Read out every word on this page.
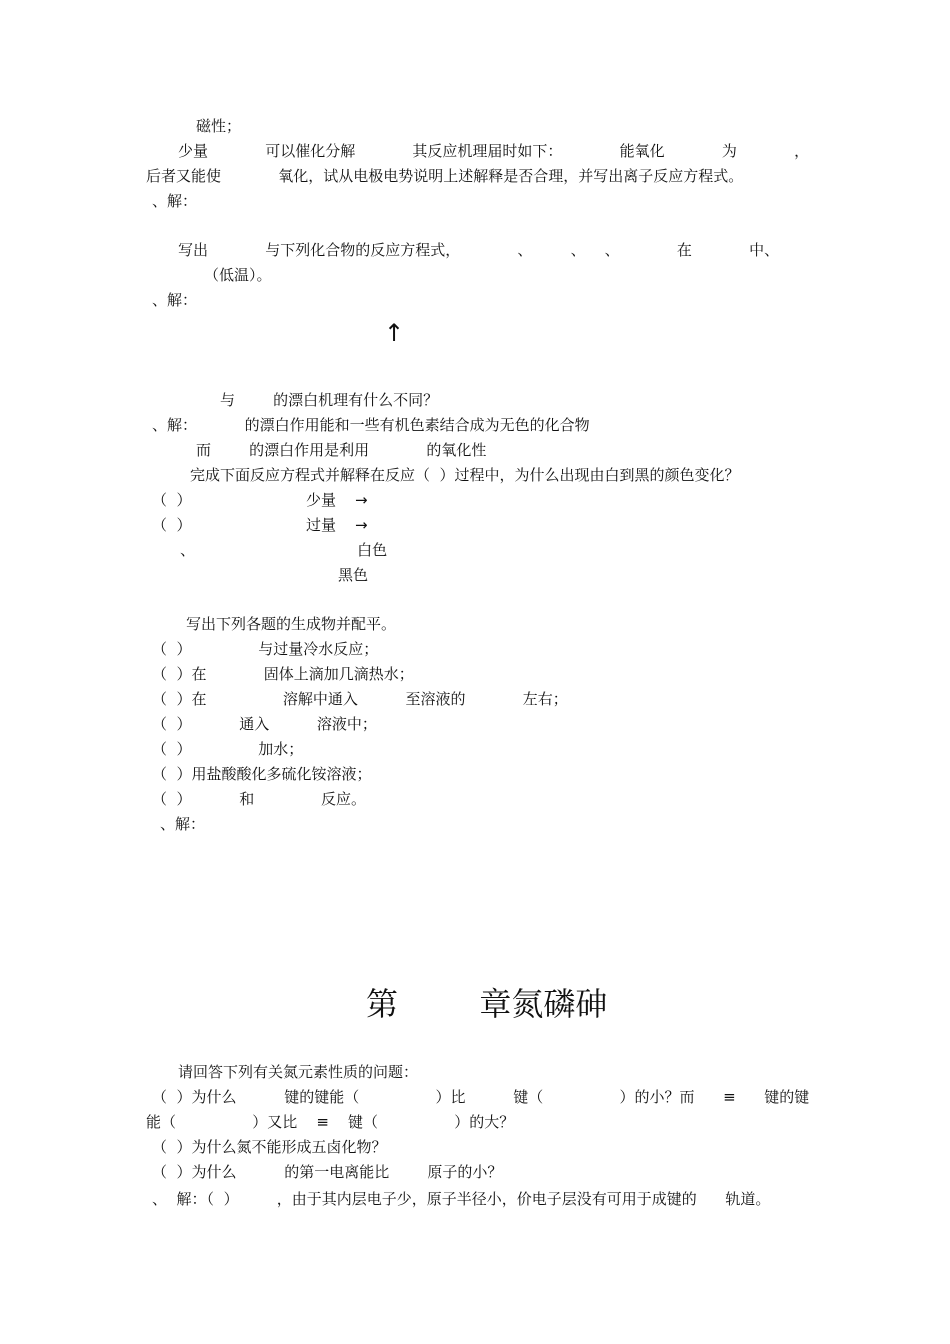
磁性；
少量            可以催化分解            其反应机理届时如下：            能氧化            为            ，
后者又能使            氧化，试从电极电势说明上述解释是否合理，并写出离子反应方程式。
、解：
写出            与下列化合物的反应方程式，            、        、    、            在            中、
（低温）。
、解：
↑
与        的漂白机理有什么不同？
、解：          的漂白作用能和一些有机色素结合成为无色的化合物
而        的漂白作用是利用            的氧化性
完成下面反应方程式并解释在反应（  ）过程中，为什么出现由白到黑的颜色变化？
（  ）                        少量    →
（  ）                        过量    →
、                                  白色
黑色
写出下列各题的生成物并配平。
（  ）              与过量冷水反应；
（  ）在            固体上滴加几滴热水；
（  ）在                溶解中通入          至溶液的            左右；
（  ）          通入          溶液中；
（  ）              加水；
（  ）用盐酸酸化多硫化铵溶液；
（  ）          和              反应。
、解：
第        章氮磷砷
请回答下列有关氮元素性质的问题：
（  ）为什么          键的键能（                ）比          键（                ）的小？而      ≡      键的键
能（                ）又比    ≡    键（                ）的大？
（  ）为什么氮不能形成五卤化物？
（  ）为什么          的第一电离能比        原子的小？
、  解：（  ）        ，由于其内层电子少，原子半径小，价电子层没有可用于成键的      轨道。
